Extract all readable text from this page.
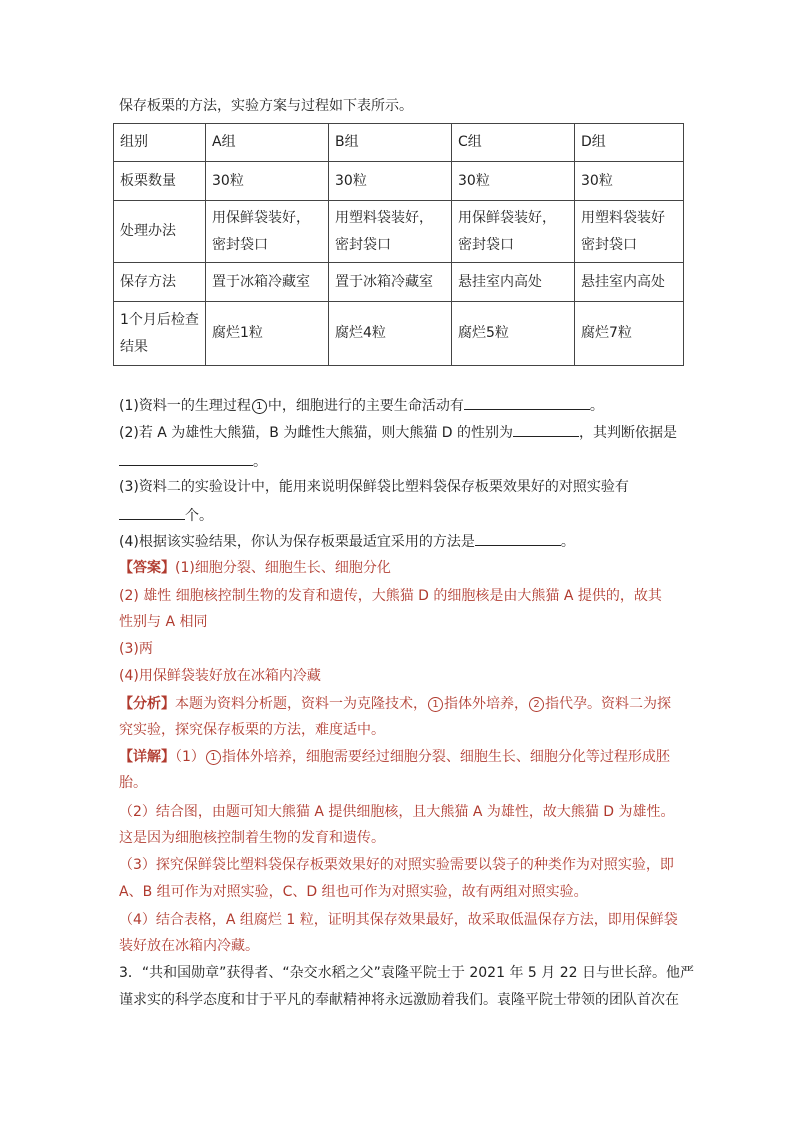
保存板栗的方法，实验方案与过程如下表所示。
组别	A组	B组	C组	D组
板栗数量	30粒	30粒	30粒	30粒
处理办法	用保鲜袋装好，密封袋口	用塑料袋装好，密封袋口	用保鲜袋装好，密封袋口	用塑料袋装好密封袋口
保存方法	置于冰箱冷藏室	置于冰箱冷藏室	悬挂室内高处	悬挂室内高处
1个月后检查结果	腐烂1粒	腐烂4粒	腐烂5粒	腐烂7粒
(1)资料一的生理过程 1 中，细胞进行的主要生命活动有	。
(2)若 A 为雄性大熊猫，B 为雌性大熊猫，则大熊猫 D 的性别为	，其判断依据是
。
(3)资料二的实验设计中，能用来说明保鲜袋比塑料袋保存板栗效果好的对照实验有
个。
(4)根据该实验结果，你认为保存板栗最适宜采用的方法是	。
【答案】(1)细胞分裂、细胞生长、细胞分化
(2) 雄性 细胞核控制生物的发育和遗传，大熊猫 D 的细胞核是由大熊猫 A 提供的，故其
性别与 A 相同
(3)两
(4)用保鲜袋装好放在冰箱内冷藏
【分析】本题为资料分析题，资料一为克隆技术， 1 指体外培养， 2 指代孕。资料二为探
究实验，探究保存板栗的方法，难度适中。
【详解】（1） 1 指体外培养，细胞需要经过细胞分裂、细胞生长、细胞分化等过程形成胚
胎。
（2）结合图，由题可知大熊猫 A 提供细胞核，且大熊猫 A 为雄性，故大熊猫 D 为雄性。
这是因为细胞核控制着生物的发育和遗传。
（3）探究保鲜袋比塑料袋保存板栗效果好的对照实验需要以袋子的种类作为对照实验，即
A、B 组可作为对照实验，C、D 组也可作为对照实验，故有两组对照实验。
（4）结合表格，A 组腐烂 1 粒，证明其保存效果最好，故采取低温保存方法，即用保鲜袋
装好放在冰箱内冷藏。
3．“共和国勋章”获得者、“杂交水稻之父”袁隆平院士于 2021 年 5 月 22 日与世长辞。他严
谨求实的科学态度和甘于平凡的奉献精神将永远激励着我们。袁隆平院士带领的团队首次在
